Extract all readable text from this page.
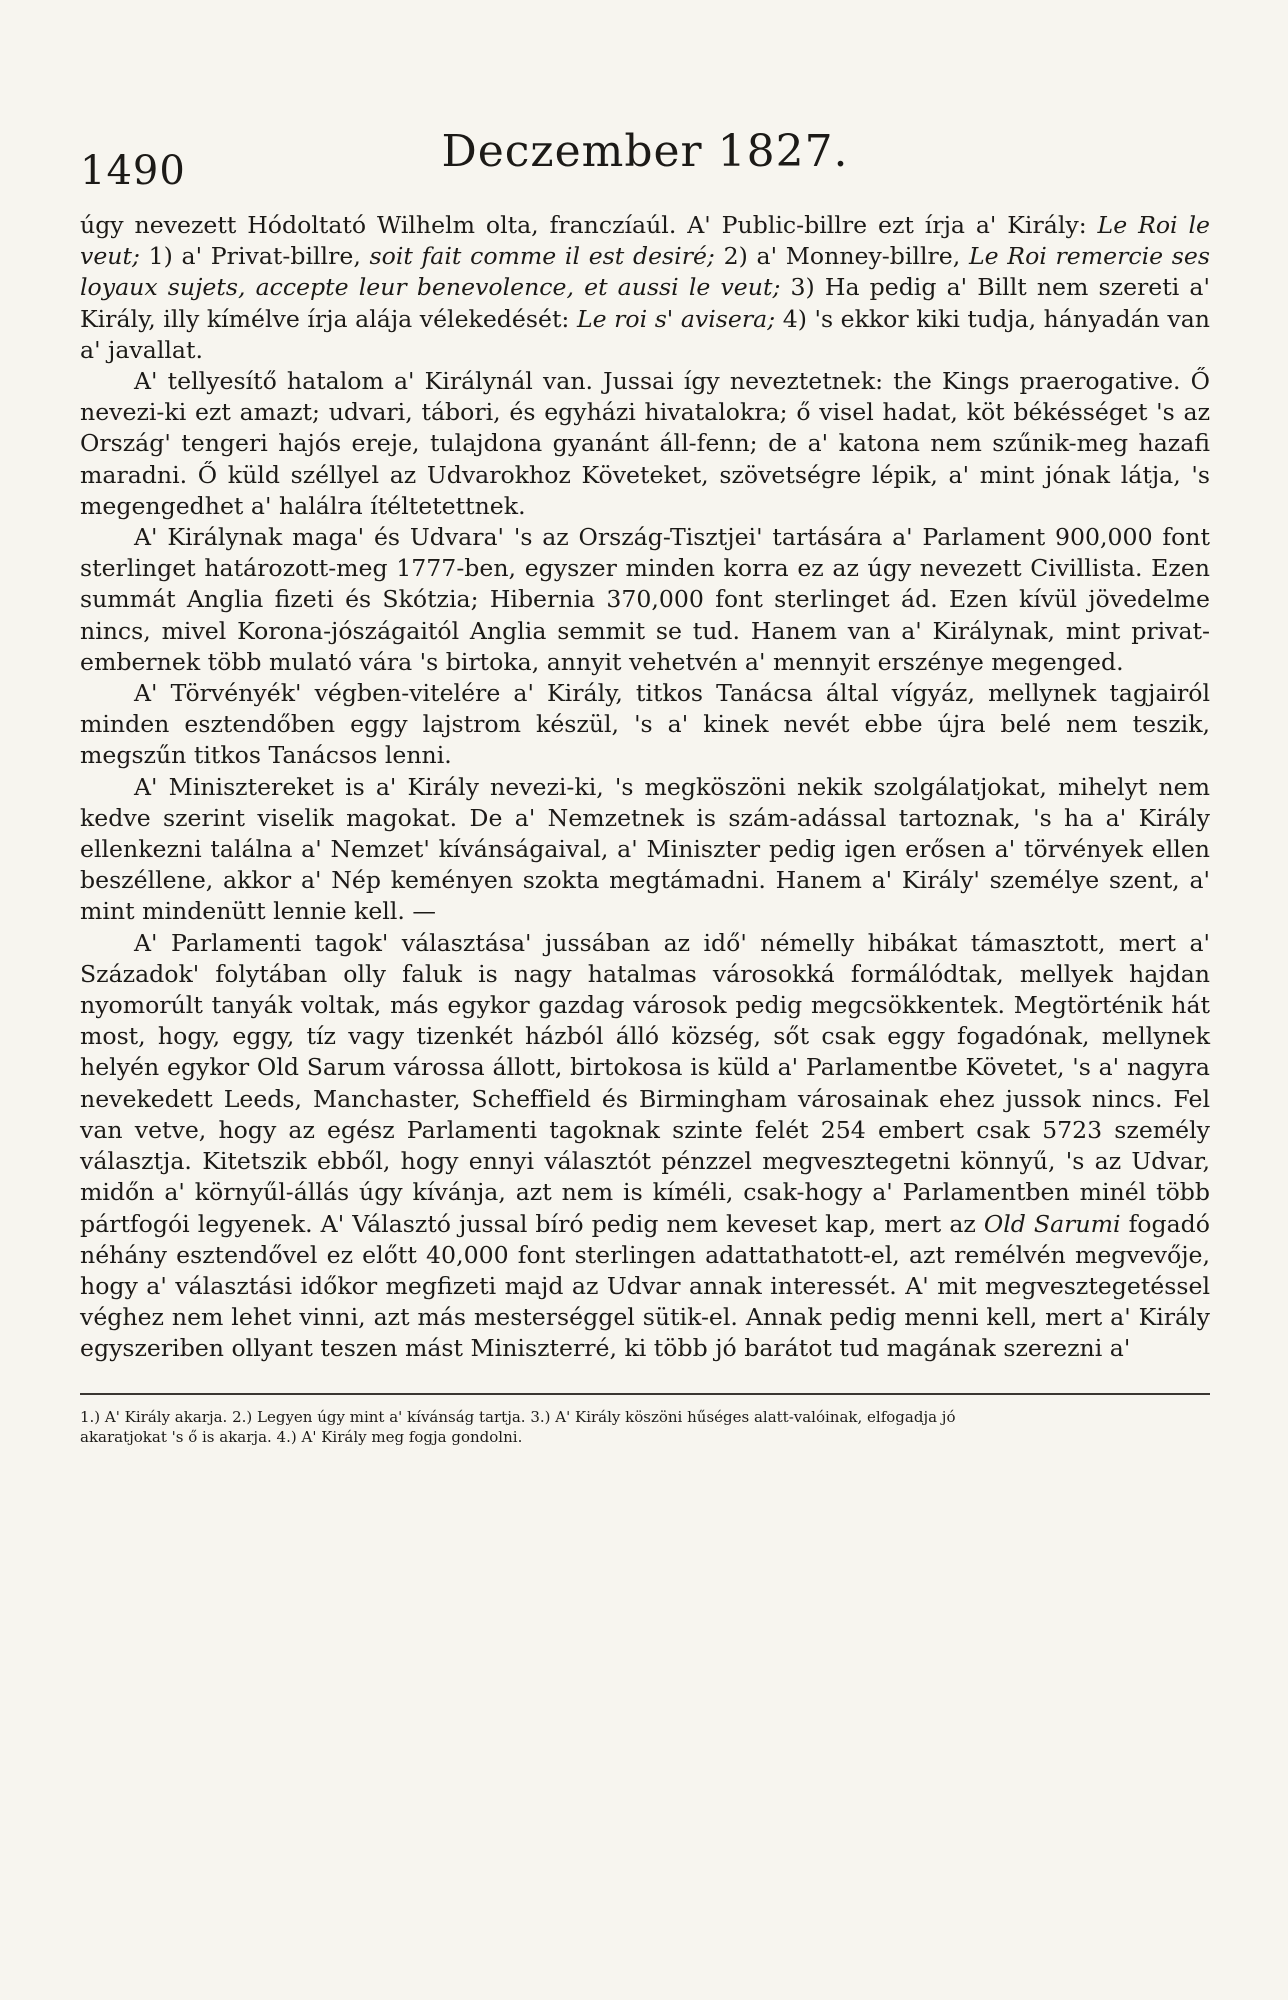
1490	Deczember 1827.

úgy nevezett Hódoltató Wilhelm olta, franczíaúl. A' Public-billre ezt írja a' Király: Le Roi le veut; 1) a' Privat-billre, soit fait comme il est desiré; 2) a' Monney-billre, Le Roi remercie ses loyaux sujets, accepte leur benevolence, et aussi le veut; 3) Ha pedig a' Billt nem szereti a' Király, illy kímélve írja alája vélekedését: Le roi s' avisera; 4) 's ekkor kiki tudja, hányadán van a' javallat.

A' tellyesítő hatalom a' Királynál van. Jussai így neveztetnek: the Kings praerogative. Ő nevezi-ki ezt amazt; udvari, tábori, és egyházi hivatalokra; ő visel hadat, köt békésséget 's az Ország' tengeri hajós ereje, tulajdona gyanánt áll-fenn; de a' katona nem szűnik-meg hazafi maradni. Ő küld széllyel az Udvarokhoz Követeket, szövetségre lépik, a' mint jónak látja, 's megengedhet a' halálra ítéltetettnek.

A' Királynak maga' és Udvara' 's az Ország-Tisztjei' tartására a' Parlament 900,000 font sterlinget határozott-meg 1777-ben, egyszer minden korra ez az úgy nevezett Civillista. Ezen summát Anglia fizeti és Skótzia; Hibernia 370,000 font sterlinget ád. Ezen kívül jövedelme nincs, mivel Korona-jószágaitól Anglia semmit se tud. Hanem van a' Királynak, mint privat-embernek több mulató vára 's birtoka, annyit vehetvén a' mennyit erszénye megenged.

A' Törvényék' végben-vitelére a' Király, titkos Tanácsa által vígyáz, mellynek tagjairól minden esztendőben eggy lajstrom készül, 's a' kinek nevét ebbe újra belé nem teszik, megszűn titkos Tanácsos lenni.

A' Minisztereket is a' Király nevezi-ki, 's megköszöni nekik szolgálatjokat, mihelyt nem kedve szerint viselik magokat. De a' Nemzetnek is szám-adással tartoznak, 's ha a' Király ellenkezni találna a' Nemzet' kívánságaival, a' Miniszter pedig igen erősen a' törvények ellen beszéllene, akkor a' Nép keményen szokta megtámadni. Hanem a' Király' személye szent, a' mint mindenütt lennie kell. —

A' Parlamenti tagok' választása' jussában az idő' némelly hibákat támasztott, mert a' Századok' folytában olly faluk is nagy hatalmas városokká formálódtak, mellyek hajdan nyomorúlt tanyák voltak, más egykor gazdag városok pedig megcsökkentek. Megtörténik hát most, hogy, eggy, tíz vagy tizenkét házból álló község, sőt csak eggy fogadónak, mellynek helyén egykor Old Sarum várossa állott, birtokosa is küld a' Parlamentbe Követet, 's a' nagyra nevekedett Leeds, Manchaster, Scheffield és Birmingham városainak ehez jussok nincs. Fel van vetve, hogy az egész Parlamenti tagoknak szinte felét 254 embert csak 5723 személy választja. Kitetszik ebből, hogy ennyi választót pénzzel megvesztegetni könnyű, 's az Udvar, midőn a' környűl-állás úgy kívánja, azt nem is kíméli, csak-hogy a' Parlamentben minél több pártfogói legyenek. A' Választó jussal bíró pedig nem keveset kap, mert az Old Sarumi fogadó néhány esztendővel ez előtt 40,000 font sterlingen adattathatott-el, azt remélvén megvevője, hogy a' választási időkor megfizeti majd az Udvar annak interessét. A' mit megvesztegetéssel véghez nem lehet vinni, azt más mesterséggel sütik-el. Annak pedig menni kell, mert a' Király egyszeriben ollyant teszen mást Miniszterré, ki több jó barátot tud magának szerezni a'

1.) A' Király akarja. 2.) Legyen úgy mint a' kívánság tartja. 3.) A' Király köszöni hűséges alatt-valóinak, elfogadja jó
akaratjokat 's ő is akarja. 4.) A' Király meg fogja gondolni.
